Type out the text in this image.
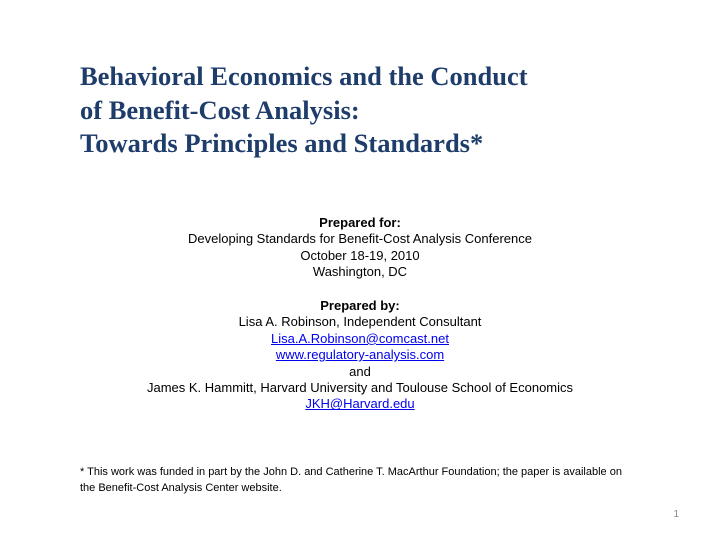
Behavioral Economics and the Conduct
of Benefit-Cost Analysis:
Towards Principles and Standards*
Prepared for:
Developing Standards for Benefit-Cost Analysis Conference
October 18-19, 2010
Washington, DC
Prepared by:
Lisa A. Robinson, Independent Consultant
Lisa.A.Robinson@comcast.net
www.regulatory-analysis.com
and
James K. Hammitt, Harvard University and Toulouse School of Economics
JKH@Harvard.edu
* This work was funded in part by the John D. and Catherine T. MacArthur Foundation; the paper is available on the Benefit-Cost Analysis Center website.
1
